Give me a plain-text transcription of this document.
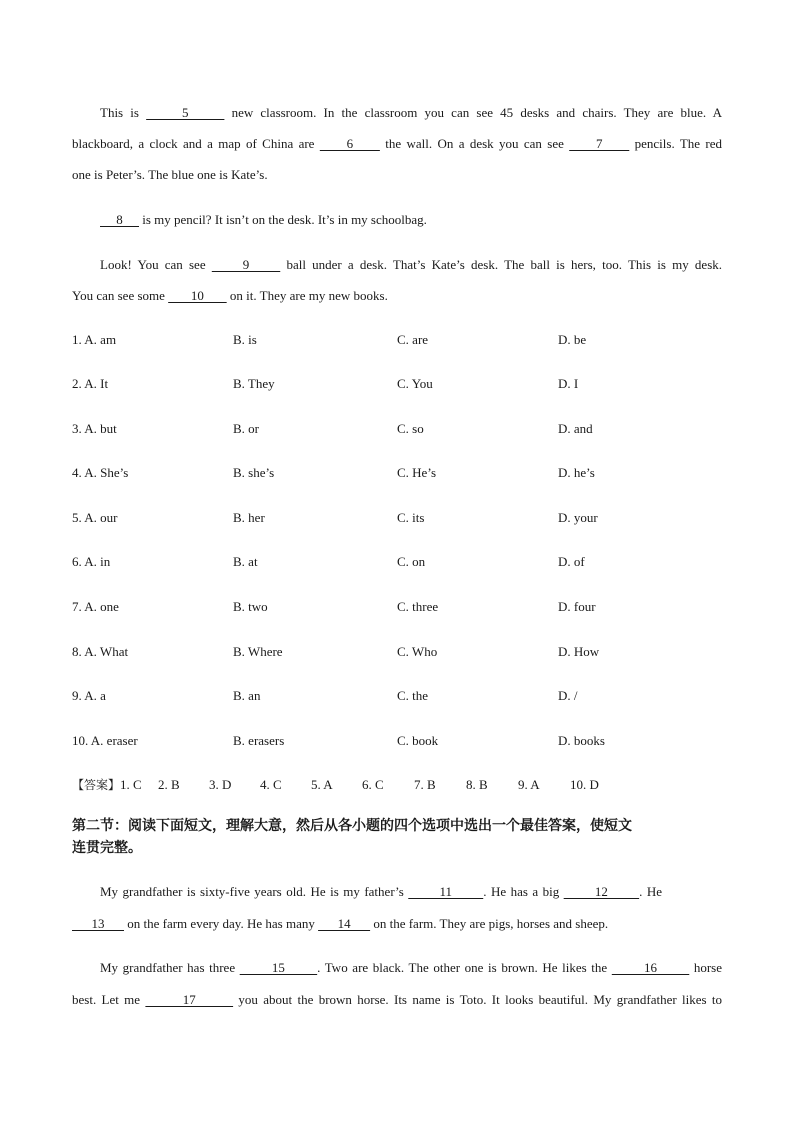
This is      5      new classroom. In the classroom you can see 45 desks and chairs. They are blue. A
blackboard, a clock and a map of China are      6      the wall. On a desk you can see      7      pencils. The red
one is Peter’s. The blue one is Kate’s.
8      is my pencil? It isn’t on the desk. It’s in my schoolbag.
Look! You can see      9      ball under a desk. That’s Kate’s desk. The ball is hers, too. This is my desk.
You can see some        10        on it. They are my new books.
1. A. am	B. is	C. are	D. be
2. A. It	B. They	C. You	D. I
3. A. but	B. or	C. so	D. and
4. A. She’s	B. she’s	C. He’s	D. he’s
5. A. our	B. her	C. its	D. your
6. A. in	B. at	C. on	D. of
7. A. one	B. two	C. three	D. four
8. A. What	B. Where	C. Who	D. How
9. A. a	B. an	C. the	D. /
10. A. eraser	B. erasers	C. book	D. books
【答案】1. C 2. B 3. D 4. C 5. A 6. C 7. B 8. B 9. A 10. D
第二节：阅读下面短文，理解大意，然后从各小题的四个选项中选出一个最佳答案，使短文
连贯完整。
My grandfather is sixty-five years old. He is my father’s        11       . He has a big        12       . He
13       on the farm every day. He has many       14       on the farm. They are pigs, horses and sheep.
My grandfather has three        15       . Two are black. The other one is brown. He likes the        16        horse
best. Let me        17        you about the brown horse. Its name is Toto. It looks beautiful. My grandfather likes to
